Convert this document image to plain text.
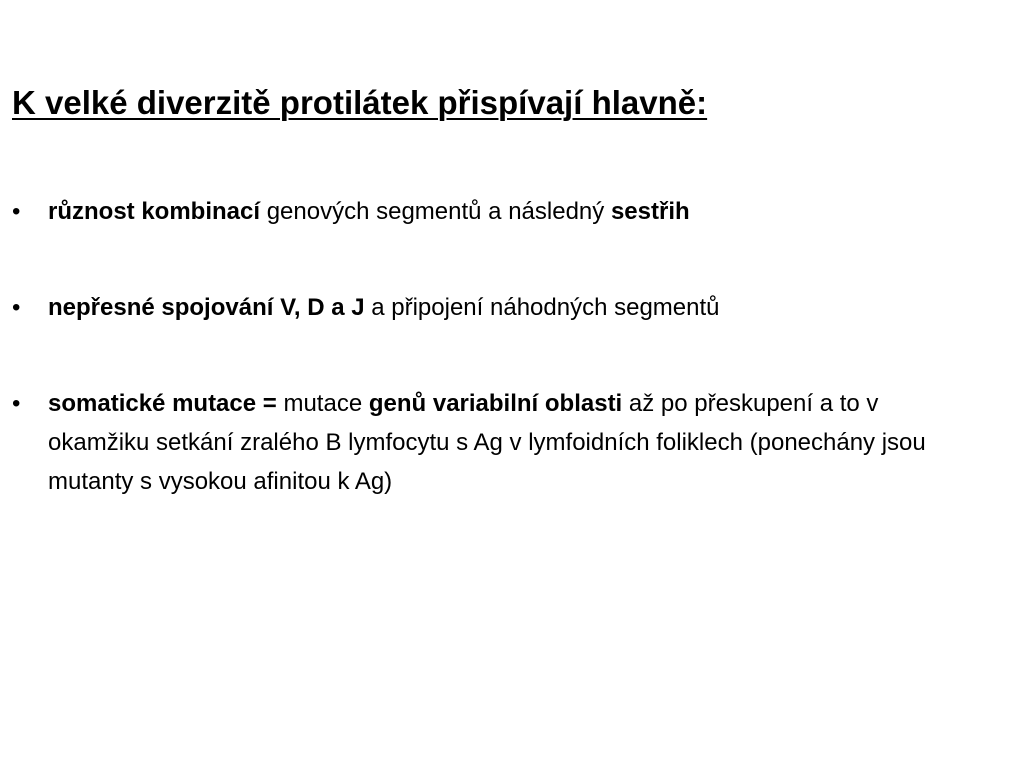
K velké diverzitě protilátek přispívají hlavně:
•	různost kombinací genových segmentů a následný sestřih
•	nepřesné spojování V, D a J a připojení náhodných segmentů
•	somatické mutace = mutace genů variabilní oblasti až po přeskupení a to v okamžiku setkání zralého B lymfocytu s Ag v lymfoidních foliklech (ponechány jsou mutanty s vysokou afinitou k Ag)
